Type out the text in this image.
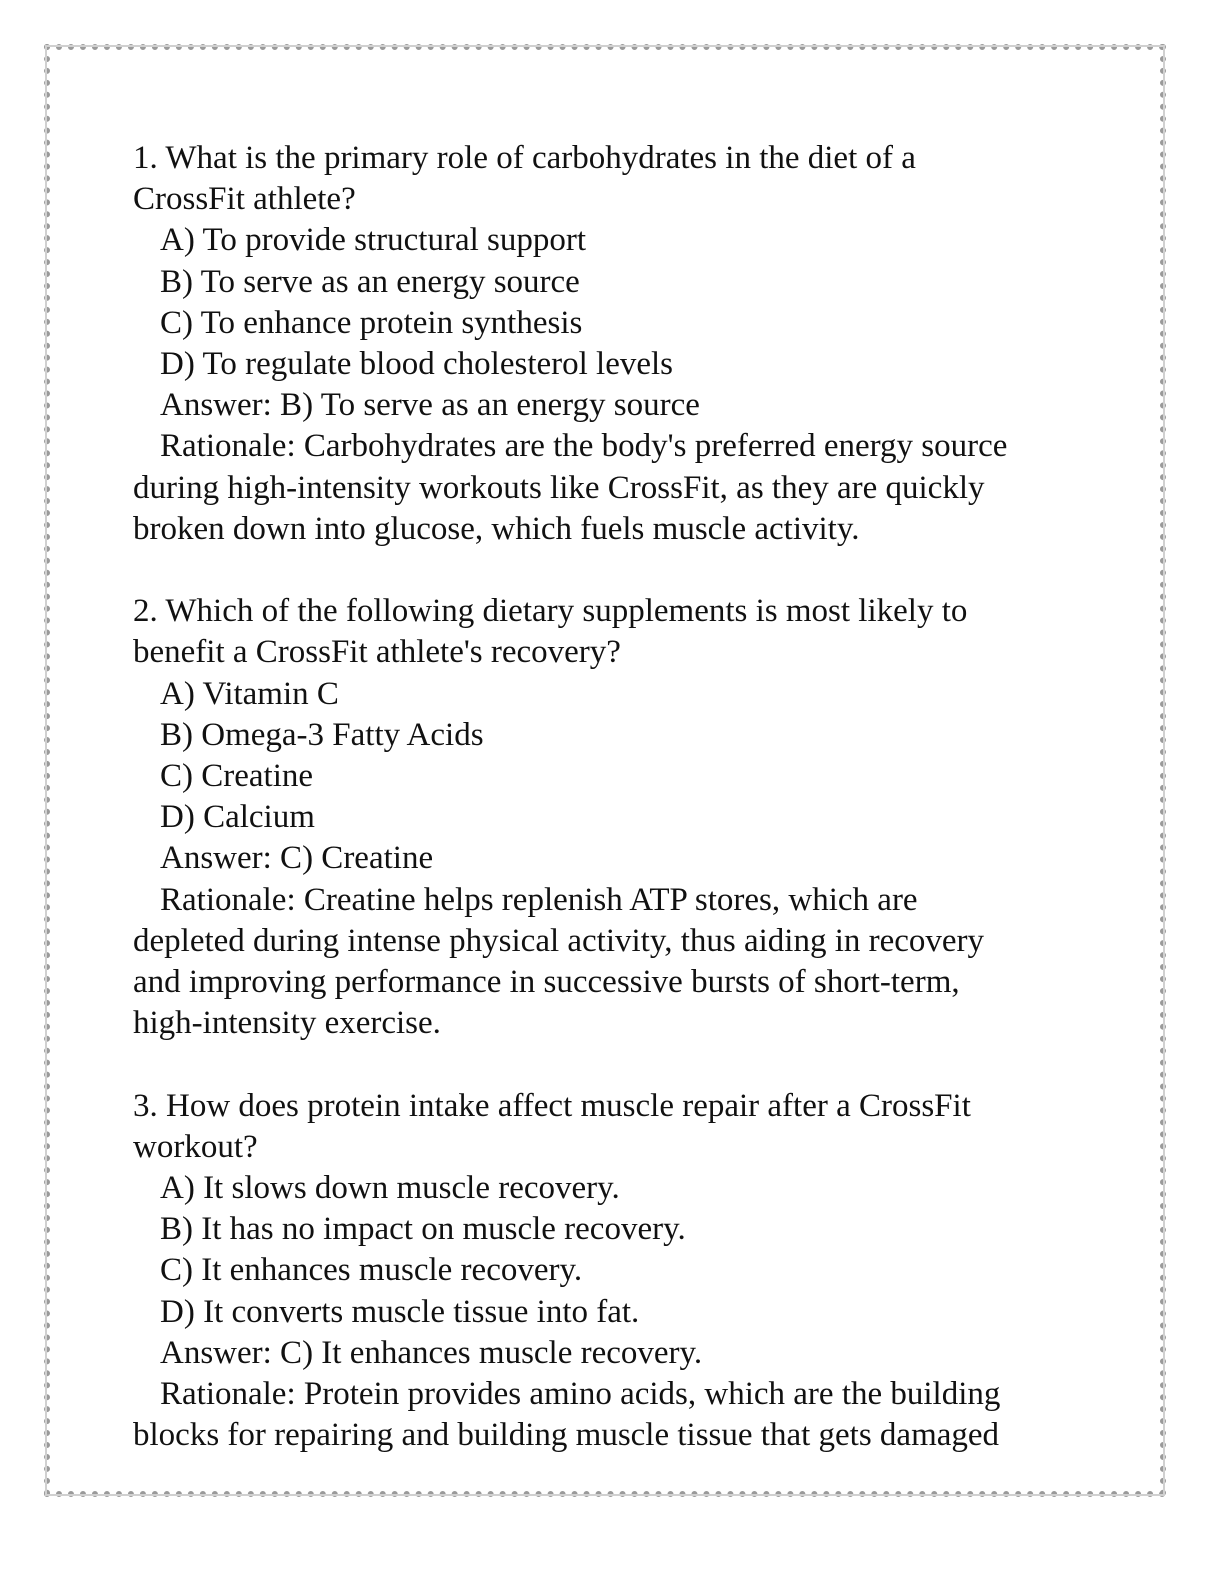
1. What is the primary role of carbohydrates in the diet of a

CrossFit athlete?

A) To provide structural support

B) To serve as an energy source

C) To enhance protein synthesis

D) To regulate blood cholesterol levels

Answer: B) To serve as an energy source

Rationale: Carbohydrates are the body's preferred energy source

during high-intensity workouts like CrossFit, as they are quickly

broken down into glucose, which fuels muscle activity.

2. Which of the following dietary supplements is most likely to

benefit a CrossFit athlete's recovery?

A) Vitamin C

B) Omega-3 Fatty Acids

C) Creatine

D) Calcium

Answer: C) Creatine

Rationale: Creatine helps replenish ATP stores, which are

depleted during intense physical activity, thus aiding in recovery

and improving performance in successive bursts of short-term,

high-intensity exercise.

3. How does protein intake affect muscle repair after a CrossFit

workout?

A) It slows down muscle recovery.

B) It has no impact on muscle recovery.

C) It enhances muscle recovery.

D) It converts muscle tissue into fat.

Answer: C) It enhances muscle recovery.

Rationale: Protein provides amino acids, which are the building

blocks for repairing and building muscle tissue that gets damaged
